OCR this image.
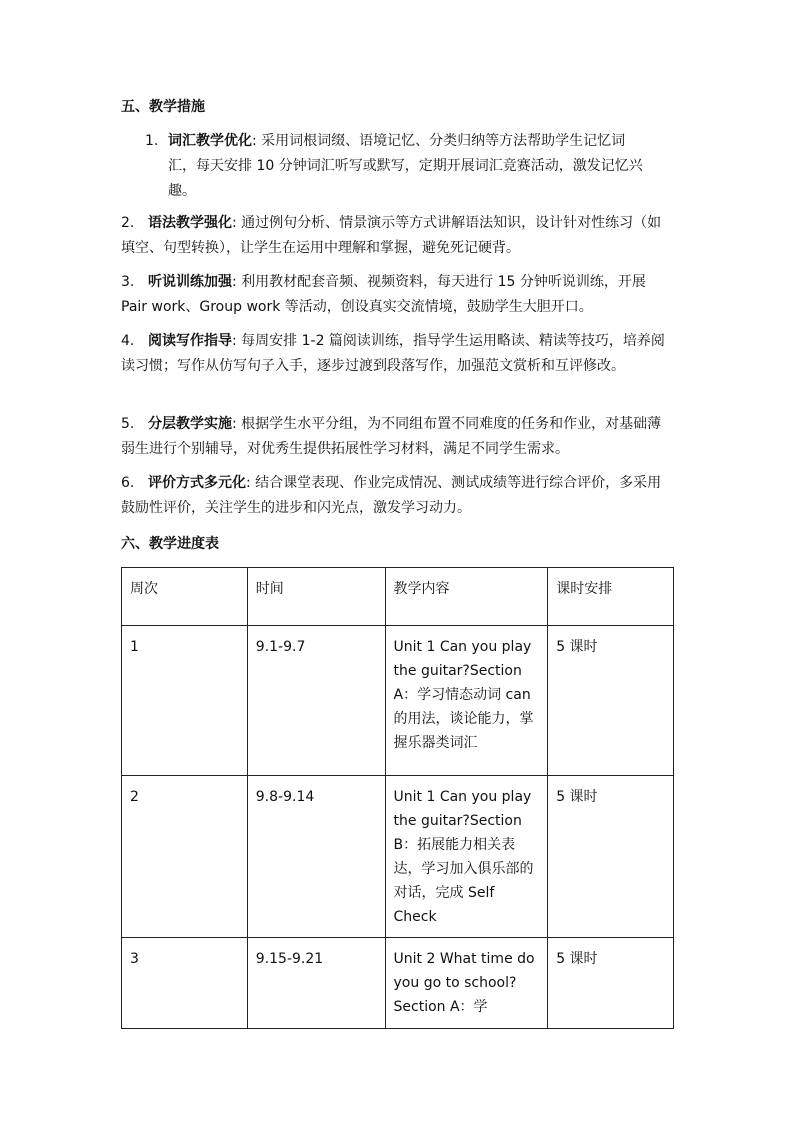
五、教学措施
1. 词汇教学优化: 采用词根词缀、语境记忆、分类归纳等方法帮助学生记忆词
汇，每天安排 10 分钟词汇听写或默写，定期开展词汇竞赛活动，激发记忆兴
趣。
2. 语法教学强化: 通过例句分析、情景演示等方式讲解语法知识，设计针对性练习（如填空、句型转换），让学生在运用中理解和掌握，避免死记硬背。
3. 听说训练加强: 利用教材配套音频、视频资料，每天进行 15 分钟听说训练，开展 Pair work、Group work 等活动，创设真实交流情境，鼓励学生大胆开口。
4. 阅读写作指导: 每周安排 1-2 篇阅读训练，指导学生运用略读、精读等技巧，培养阅读习惯；写作从仿写句子入手，逐步过渡到段落写作，加强范文赏析和互评修改。
5. 分层教学实施: 根据学生水平分组，为不同组布置不同难度的任务和作业，对基础薄弱生进行个别辅导，对优秀生提供拓展性学习材料，满足不同学生需求。
6. 评价方式多元化: 结合课堂表现、作业完成情况、测试成绩等进行综合评价，多采用鼓励性评价，关注学生的进步和闪光点，激发学习动力。
六、教学进度表
周次	时间	教学内容	课时安排
1	9.1-9.7	Unit 1 Can you play the guitar?Section A：学习情态动词 can 的用法，谈论能力，掌握乐器类词汇	5 课时
2	9.8-9.14	Unit 1 Can you play the guitar?Section B：拓展能力相关表达，学习加入俱乐部的对话，完成 Self Check	5 课时
3	9.15-9.21	Unit 2 What time do you go to school?Section A：学	5 课时
